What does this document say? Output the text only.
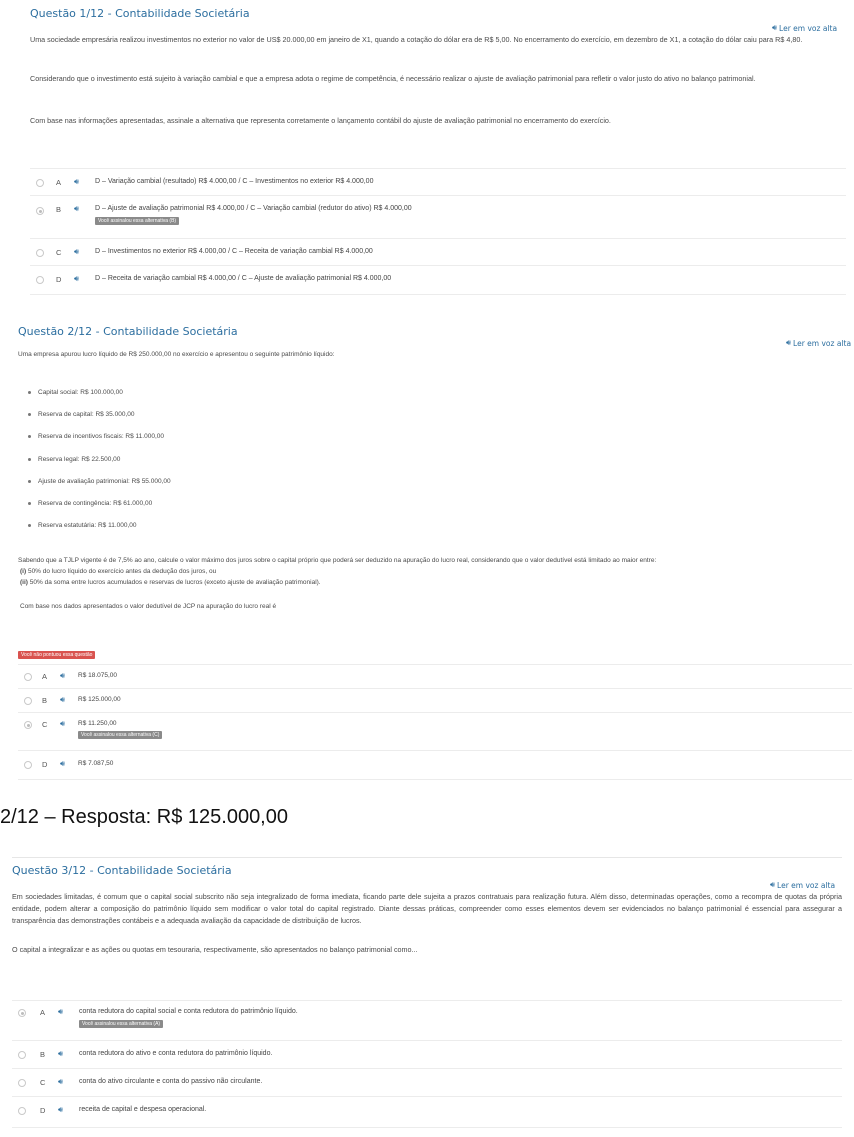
Questão 1/12 - Contabilidade Societária
🔊︎ Ler em voz alta
Uma sociedade empresária realizou investimentos no exterior no valor de US$ 20.000,00 em janeiro de X1, quando a cotação do dólar era de R$ 5,00. No encerramento do exercício, em dezembro de X1, a cotação do dólar caiu para R$ 4,80.
Considerando que o investimento está sujeito à variação cambial e que a empresa adota o regime de competência, é necessário realizar o ajuste de avaliação patrimonial para refletir o valor justo do ativo no balanço patrimonial.
Com base nas informações apresentadas, assinale a alternativa que representa corretamente o lançamento contábil do ajuste de avaliação patrimonial no encerramento do exercício.
A 🔊︎ D – Variação cambial (resultado) R$ 4.000,00 / C – Investimentos no exterior R$ 4.000,00
B 🔊︎ D – Ajuste de avaliação patrimonial R$ 4.000,00 / C – Variação cambial (redutor do ativo) R$ 4.000,00
Você assinalou essa alternativa (B)
C 🔊︎ D – Investimentos no exterior R$ 4.000,00 / C – Receita de variação cambial R$ 4.000,00
D 🔊︎ D – Receita de variação cambial R$ 4.000,00 / C – Ajuste de avaliação patrimonial R$ 4.000,00
Questão 2/12 - Contabilidade Societária
🔊︎ Ler em voz alta
Uma empresa apurou lucro líquido de R$ 250.000,00 no exercício e apresentou o seguinte patrimônio líquido:
Capital social: R$ 100.000,00
Reserva de capital: R$ 35.000,00
Reserva de incentivos fiscais: R$ 11.000,00
Reserva legal: R$ 22.500,00
Ajuste de avaliação patrimonial: R$ 55.000,00
Reserva de contingência: R$ 61.000,00
Reserva estatutária: R$ 11.000,00
Sabendo que a TJLP vigente é de 7,5% ao ano, calcule o valor máximo dos juros sobre o capital próprio que poderá ser deduzido na apuração do lucro real, considerando que o valor dedutível está limitado ao maior entre:
(i) 50% do lucro líquido do exercício antes da dedução dos juros, ou
(ii) 50% da soma entre lucros acumulados e reservas de lucros (exceto ajuste de avaliação patrimonial).
Com base nos dados apresentados o valor dedutível de JCP na apuração do lucro real é
Você não pontuou essa questão
A 🔊︎ R$ 18.075,00
B 🔊︎ R$ 125.000,00
C 🔊︎ R$ 11.250,00
Você assinalou essa alternativa (C)
D 🔊︎ R$ 7.087,50
2/12 – Resposta: R$ 125.000,00
Questão 3/12 - Contabilidade Societária
🔊︎ Ler em voz alta
Em sociedades limitadas, é comum que o capital social subscrito não seja integralizado de forma imediata, ficando parte dele sujeita a prazos contratuais para realização futura. Além disso, determinadas operações, como a recompra de quotas da própria entidade, podem alterar a composição do patrimônio líquido sem modificar o valor total do capital registrado. Diante dessas práticas, compreender como esses elementos devem ser evidenciados no balanço patrimonial é essencial para assegurar a transparência das demonstrações contábeis e a adequada avaliação da capacidade de distribuição de lucros.
O capital a integralizar e as ações ou quotas em tesouraria, respectivamente, são apresentados no balanço patrimonial como...
A 🔊︎ conta redutora do capital social e conta redutora do patrimônio líquido.
Você assinalou essa alternativa (A)
B 🔊︎ conta redutora do ativo e conta redutora do patrimônio líquido.
C 🔊︎ conta do ativo circulante e conta do passivo não circulante.
D 🔊︎ receita de capital e despesa operacional.
